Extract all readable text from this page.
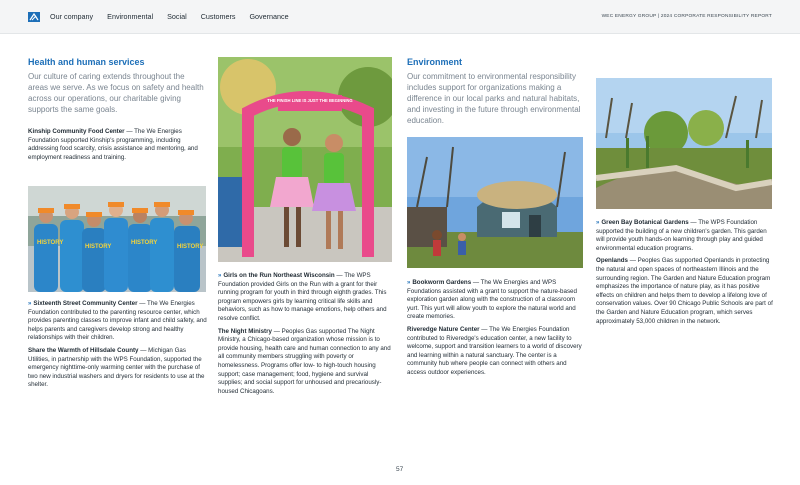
Our company Environmental Social Customers Governance	WEC ENERGY GROUP | 2024 CORPORATE RESPONSIBILITY REPORT
Health and human services
Our culture of caring extends throughout the areas we serve. As we focus on safety and health across our operations, our charitable giving supports the same goals.

Kinship Community Food Center — The We Energies Foundation supported Kinship's programming, including addressing food scarcity, crisis assistance and mentoring, and employment readiness and training.

HISTORY
HISTORY
HISTORY
HISTORY

» Sixteenth Street Community Center — The We Energies Foundation contributed to the parenting resource center, which provides parenting classes to improve infant and child safety, and helps parents and caregivers develop strong and healthy relationships with their children.

Share the Warmth of Hillsdale County — Michigan Gas Utilities, in partnership with the WPS Foundation, supported the emergency nighttime-only warming center with the purchase of two new industrial washers and dryers for residents to use at the shelter.

THE FINISH LINE IS JUST THE BEGINNING

» Girls on the Run Northeast Wisconsin — The WPS Foundation provided Girls on the Run with a grant for their running program for youth in third through eighth grades. This program empowers girls by learning critical life skills and behaviors, such as how to manage emotions, help others and resolve conflict.

The Night Ministry — Peoples Gas supported The Night Ministry, a Chicago-based organization whose mission is to provide housing, health care and human connection to any and all community members struggling with poverty or homelessness. Programs offer low- to high-touch housing support; case management; food, hygiene and survival supplies; and social support for unhoused and precariously-housed Chicagoans.

Environment
Our commitment to environmental responsibility includes support for organizations making a difference in our local parks and natural habitats, and investing in the future through environmental education.

» Bookworm Gardens — The We Energies and WPS Foundations assisted with a grant to support the nature-based exploration garden along with the construction of a classroom yurt. This yurt will allow youth to explore the natural world and create memories.

Riveredge Nature Center — The We Energies Foundation contributed to Riveredge's education center, a new facility to welcome, support and transition learners to a world of discovery and learning within a natural sanctuary. The center is a community hub where people can connect with others and access outdoor experiences.

» Green Bay Botanical Gardens — The WPS Foundation supported the building of a new children's garden. This garden will provide youth hands-on learning through play and guided environmental education programs.

Openlands — Peoples Gas supported Openlands in protecting the natural and open spaces of northeastern Illinois and the surrounding region. The Garden and Nature Education program emphasizes the importance of nature play, as it has positive effects on children and helps them to develop a lifelong love of conservation values. Over 90 Chicago Public Schools are part of the Garden and Nature Education program, which serves approximately 53,000 children in the network.

57
